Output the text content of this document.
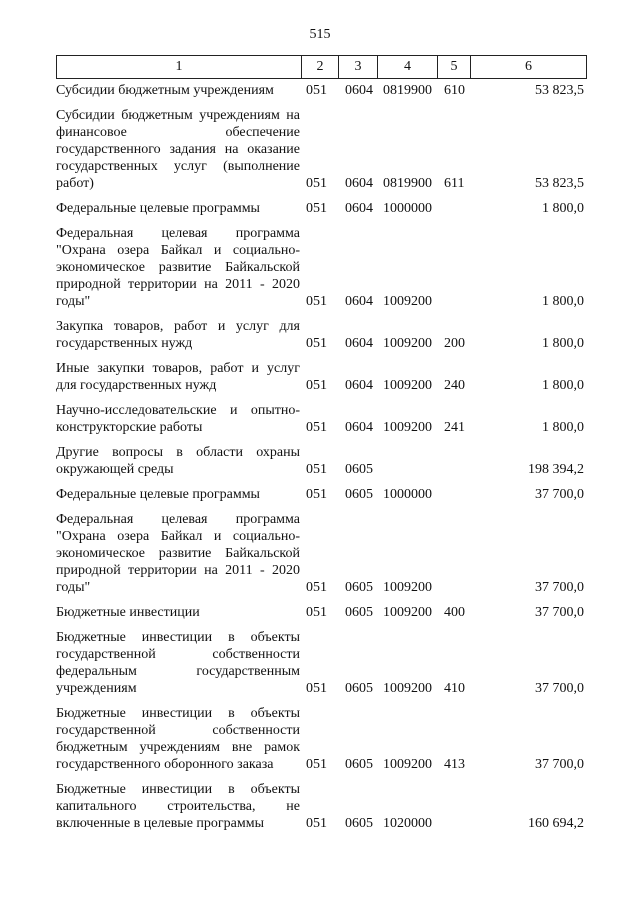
515
1	2	3	4	5	6
Субсидии бюджетным учреждениям	051 0604 0819900 610	53 823,5
Субсидии бюджетным учреждениям на финансовое обеспечение государственного задания на оказание государственных услуг (выполнение работ)	051 0604 0819900 611	53 823,5
Федеральные целевые программы	051 0604 1000000	1 800,0
Федеральная целевая программа "Охрана озера Байкал и социально-экономическое развитие Байкальской природной территории на 2011 - 2020 годы"	051 0604 1009200	1 800,0
Закупка товаров, работ и услуг для государственных нужд	051 0604 1009200 200	1 800,0
Иные закупки товаров, работ и услуг для государственных нужд	051 0604 1009200 240	1 800,0
Научно-исследовательские и опытно-конструкторские работы	051 0604 1009200 241	1 800,0
Другие вопросы в области охраны окружающей среды	051 0605	198 394,2
Федеральные целевые программы	051 0605 1000000	37 700,0
Федеральная целевая программа "Охрана озера Байкал и социально-экономическое развитие Байкальской природной территории на 2011 - 2020 годы"	051 0605 1009200	37 700,0
Бюджетные инвестиции	051 0605 1009200 400	37 700,0
Бюджетные инвестиции в объекты государственной собственности федеральным государственным учреждениям	051 0605 1009200 410	37 700,0
Бюджетные инвестиции в объекты государственной собственности бюджетным учреждениям вне рамок государственного оборонного заказа	051 0605 1009200 413	37 700,0
Бюджетные инвестиции в объекты капитального строительства, не включенные в целевые программы	051 0605 1020000	160 694,2
